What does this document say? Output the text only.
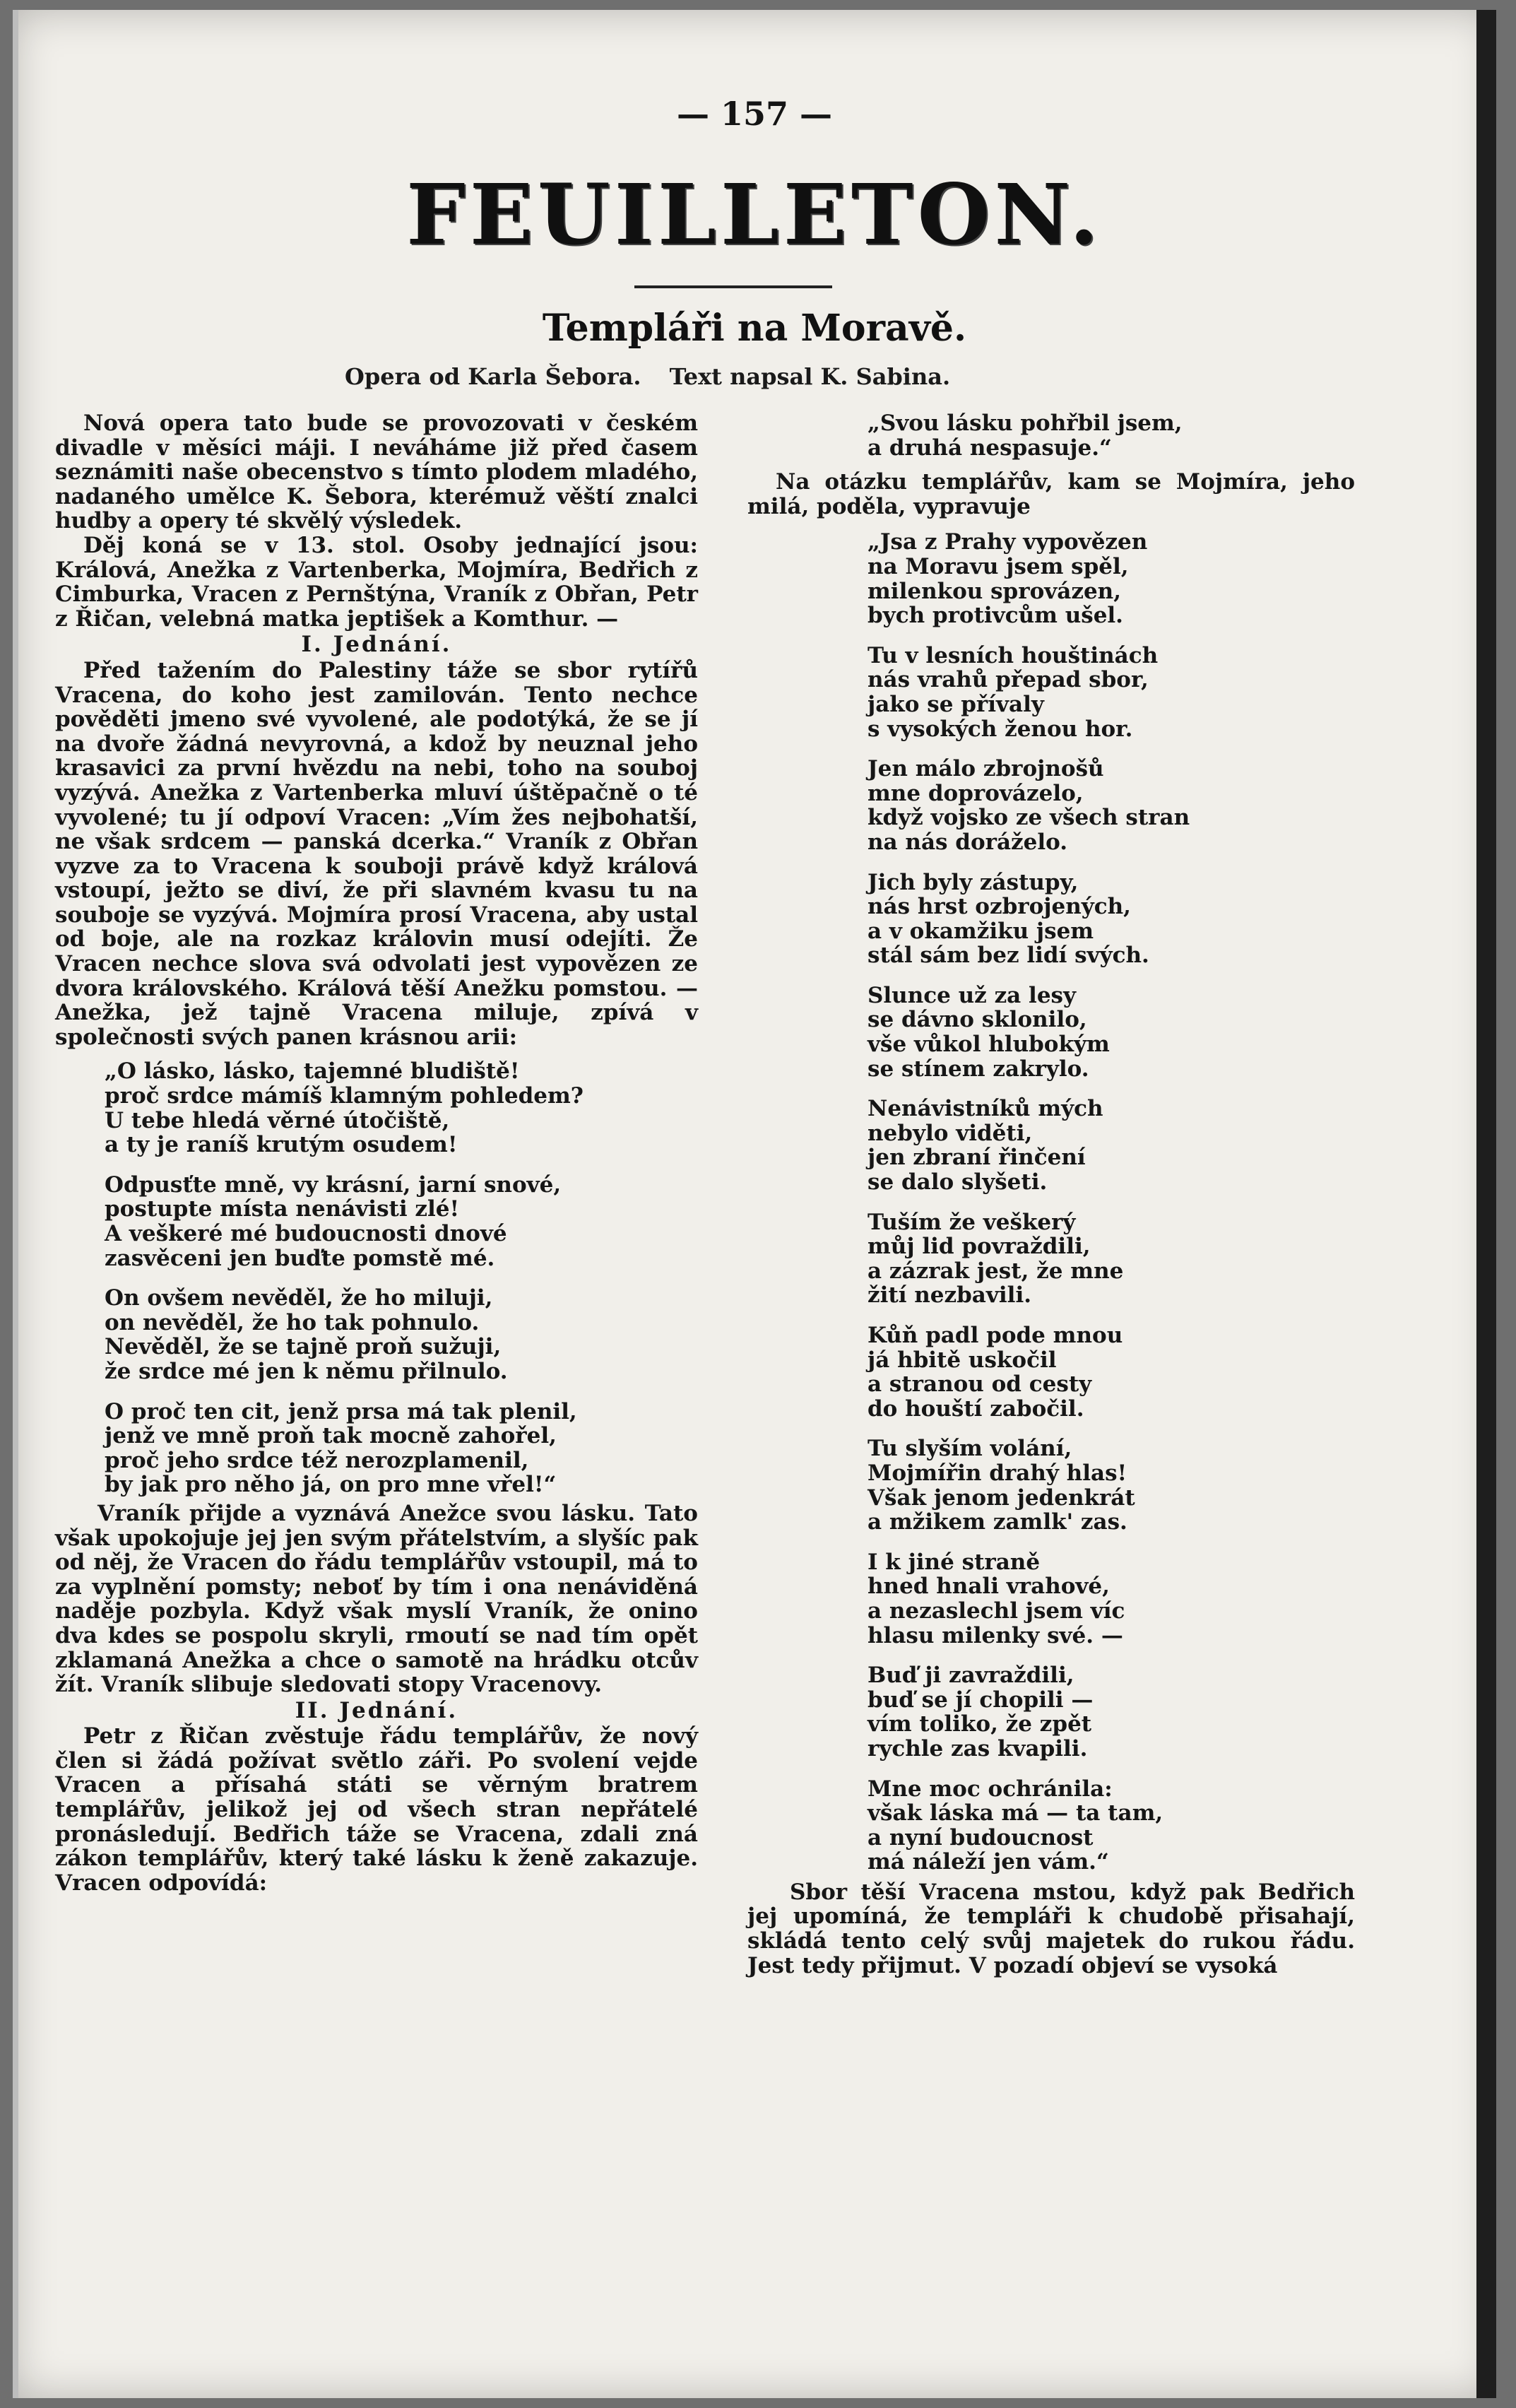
— 157 —
FEUILLETON.
Templáři na Moravě.
Opera od Karla Šebora. Text napsal K. Sabina.

Nová opera tato bude se provozovati v českém divadle v měsíci máji. I neváháme již před časem seznámiti naše obecenstvo s tímto plodem mladého, nadaného umělce K. Šebora, kterémuž věští znalci hudby a opery té skvělý výsledek.

Děj koná se v 13. stol. Osoby jednající jsou: Králová, Anežka z Vartenberka, Mojmíra, Bedřich z Cimburka, Vracen z Pernštýna, Vraník z Obřan, Petr z Řičan, velebná matka jeptišek a Komthur. —

I. Jednání.

Před tažením do Palestiny táže se sbor rytířů Vracena, do koho jest zamilován. Tento nechce pověděti jmeno své vyvolené, ale podotýká, že se jí na dvoře žádná nevyrovná, a kdož by neuznal jeho krasavici za první hvězdu na nebi, toho na souboj vyzývá. Anežka z Vartenberka mluví úštěpačně o té vyvolené; tu jí odpoví Vracen: „Vím žes nejbohatší, ne však srdcem — panská dcerka.“ Vraník z Obřan vyzve za to Vracena k souboji právě když králová vstoupí, ježto se diví, že při slavném kvasu tu na souboje se vyzývá. Mojmíra prosí Vracena, aby ustal od boje, ale na rozkaz královin musí odejíti. Že Vracen nechce slova svá odvolati jest vypovězen ze dvora královského. Králová těší Anežku pomstou. — Anežka, jež tajně Vracena miluje, zpívá v společnosti svých panen krásnou arii:

„O lásko, lásko, tajemné bludiště!
proč srdce mámíš klamným pohledem?
U tebe hledá věrné útočiště,
a ty je raníš krutým osudem!
Odpusťte mně, vy krásní, jarní snové,
postupte místa nenávisti zlé!
A veškeré mé budoucnosti dnové
zasvěceni jen buďte pomstě mé.
On ovšem nevěděl, že ho miluji,
on nevěděl, že ho tak pohnulo.
Nevěděl, že se tajně proň sužuji,
že srdce mé jen k němu přilnulo.
O proč ten cit, jenž prsa má tak plenil,
jenž ve mně proň tak mocně zahořel,
proč jeho srdce též nerozplamenil,
by jak pro něho já, on pro mne vřel!“

Vraník přijde a vyznává Anežce svou lásku. Tato však upokojuje jej jen svým přátelstvím, a slyšíc pak od něj, že Vracen do řádu templářův vstoupil, má to za vyplnění pomsty; neboť by tím i ona nenáviděná naděje pozbyla. Když však myslí Vraník, že onino dva kdes se pospolu skryli, rmoutí se nad tím opět zklamaná Anežka a chce o samotě na hrádku otcův žít. Vraník slibuje sledovati stopy Vracenovy.

II. Jednání.

Petr z Řičan zvěstuje řádu templářův, že nový člen si žádá požívat světlo záři. Po svolení vejde Vracen a přísahá státi se věrným bratrem templářův, jelikož jej od všech stran nepřátelé pronásledují. Bedřich táže se Vracena, zdali zná zákon templářův, který také lásku k ženě zakazuje. Vracen odpovídá:

„Svou lásku pohřbil jsem,
a druhá nespasuje.“

Na otázku templářův, kam se Mojmíra, jeho milá, poděla, vypravuje

„Jsa z Prahy vypovězen
na Moravu jsem spěl,
milenkou sprovázen,
bych protivcům ušel.
Tu v lesních houštinách
nás vrahů přepad sbor,
jako se přívaly
s vysokých ženou hor.
Jen málo zbrojnošů
mne doprovázelo,
když vojsko ze všech stran
na nás doráželo.
Jich byly zástupy,
nás hrst ozbrojených,
a v okamžiku jsem
stál sám bez lidí svých.
Slunce už za lesy
se dávno sklonilo,
vše vůkol hlubokým
se stínem zakrylo.
Nenávistníků mých
nebylo viděti,
jen zbraní řinčení
se dalo slyšeti.
Tuším že veškerý
můj lid povraždili,
a zázrak jest, že mne
žití nezbavili.
Kůň padl pode mnou
já hbitě uskočil
a stranou od cesty
do houští zabočil.
Tu slyším volání,
Mojmířin drahý hlas!
Však jenom jedenkrát
a mžikem zamlk' zas.
I k jiné straně
hned hnali vrahové,
a nezaslechl jsem víc
hlasu milenky své. —
Buď ji zavraždili,
buď se jí chopili —
vím toliko, že zpět
rychle zas kvapili.
Mne moc ochránila:
však láska má — ta tam,
a nyní budoucnost
má náleží jen vám.“

Sbor těší Vracena mstou, když pak Bedřich jej upomíná, že templáři k chudobě přisahají, skládá tento celý svůj majetek do rukou řádu. Jest tedy přijmut. V pozadí objeví se vysoká
